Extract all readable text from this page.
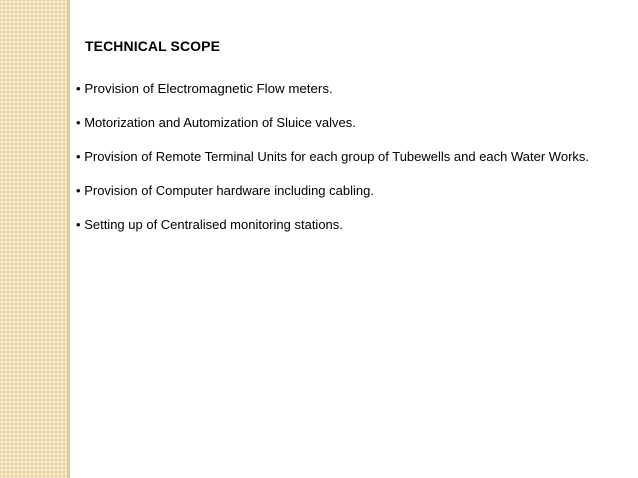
TECHNICAL SCOPE
• Provision of Electromagnetic Flow meters.
• Motorization and Automization of Sluice valves.
• Provision of Remote Terminal Units for each group of Tubewells and each Water Works.
• Provision of Computer hardware including cabling.
• Setting up of Centralised monitoring stations.
